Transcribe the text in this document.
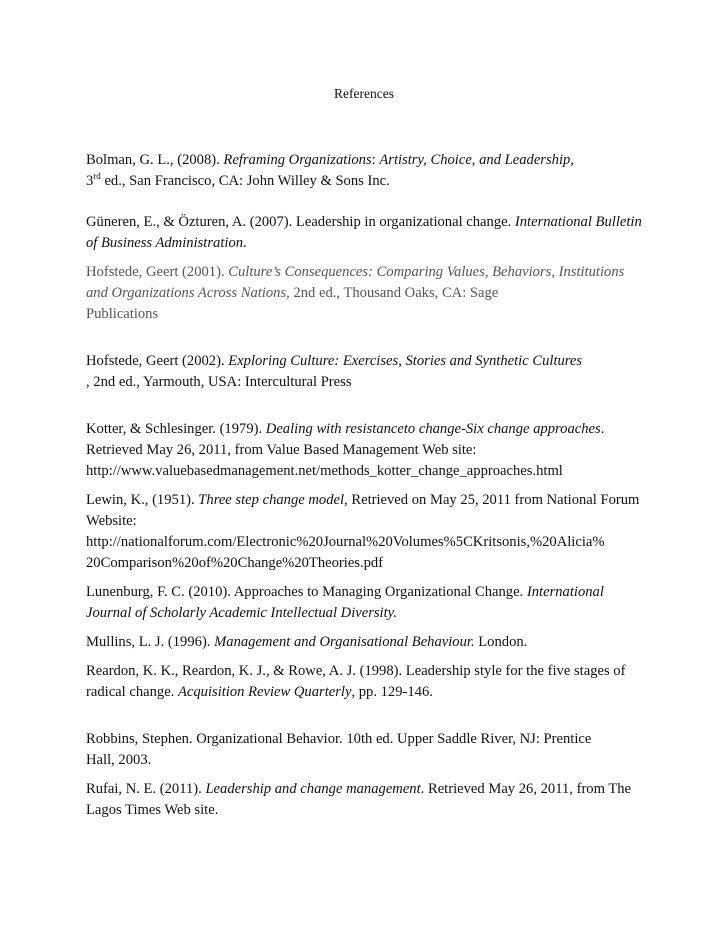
References
Bolman, G. L., (2008). Reframing Organizations: Artistry, Choice, and Leadership,
3rd ed., San Francisco, CA: John Willey & Sons Inc.
Güneren, E., & Özturen, A. (2007). Leadership in organizational change. International Bulletin
of Business Administration.
Hofstede, Geert (2001). Culture’s Consequences: Comparing Values, Behaviors, Institutions
and Organizations Across Nations, 2nd ed., Thousand Oaks, CA: Sage
Publications
Hofstede, Geert (2002). Exploring Culture: Exercises, Stories and Synthetic Cultures
, 2nd ed., Yarmouth, USA: Intercultural Press
Kotter, & Schlesinger. (1979). Dealing with resistanceto change-Six change approaches.
Retrieved May 26, 2011, from Value Based Management Web site:
http://www.valuebasedmanagement.net/methods_kotter_change_approaches.html
Lewin, K., (1951). Three step change model, Retrieved on May 25, 2011 from National Forum
Website:
http://nationalforum.com/Electronic%20Journal%20Volumes%5CKritsonis,%20Alicia%
20Comparison%20of%20Change%20Theories.pdf
Lunenburg, F. C. (2010). Approaches to Managing Organizational Change. International
Journal of Scholarly Academic Intellectual Diversity.
Mullins, L. J. (1996). Management and Organisational Behaviour. London.
Reardon, K. K., Reardon, K. J., & Rowe, A. J. (1998). Leadership style for the five stages of
radical change. Acquisition Review Quarterly, pp. 129-146.
Robbins, Stephen. Organizational Behavior. 10th ed. Upper Saddle River, NJ: Prentice
Hall, 2003.
Rufai, N. E. (2011). Leadership and change management. Retrieved May 26, 2011, from The
Lagos Times Web site.
